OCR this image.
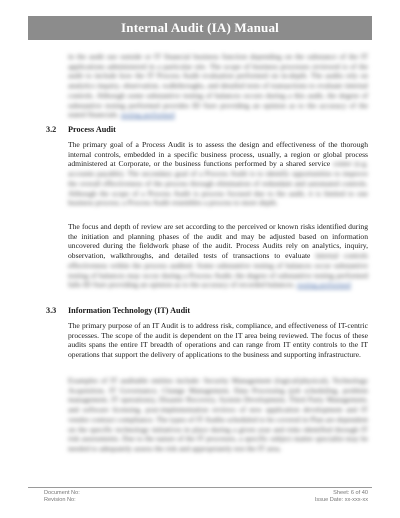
Internal Audit (IA) Manual
in the audit use outside or IT financial business function depending on the substance of the IT applications administered in a particular site. The scope of business processes reviewed is of the audit to include how the IT Process Audit evaluation performed on in-depth. The audits rely on analytics inquiry, observation, walkthroughs, and detailed tests of transactions to evaluate internal controls. Although some substantive testing of balances occurs during a this audit, the degree of substantive testing performed provides ID Sure providing an opinion as to the accuracy of the stated financials. testing performed
3.2 Process Audit
The primary goal of a Process Audit is to assess the design and effectiveness of the thorough internal controls, embedded in a specific business process, usually, a region or global process administered at Corporate, or the business functions performed by a shared service center (e.g. accounts payable). The secondary goal of a Process Audit is to identify opportunities to improve the overall effectiveness of the process through elimination of redundant and automated controls. Although the scope of a Process Audit is process focused due to the audit, it is limited to one business process; a Process Audit resembles a process to more depth.
The focus and depth of review are set according to the perceived or known risks identified during the initiation and planning phases of the audit and may be adjusted based on information uncovered during the fieldwork phase of the audit. Process Audits rely on analytics, inquiry, observation, walkthroughs, and detailed tests of transactions to evaluate internal controls effectiveness within the process audited. Some substantive testing of balances occur substantive testing of balances may occur during a Process Audit; the degree of substantive testing performed falls ID Sure providing an opinion as to the accuracy of recorded balances. testing performed
3.3 Information Technology (IT) Audit
The primary purpose of an IT Audit is to address risk, compliance, and effectiveness of IT-centric processes. The scope of the audit is dependent on the IT area being reviewed. The focus of these audits spans the entire IT breadth of operations and can range from IT entity controls to the IT operations that support the delivery of applications to the business and supporting infrastructure.
Examples of IT auditable entities include: Security Management (logical/physical), Technology Acquisition, IT Governance, Change Management, Data Processing (job scheduling, problem management, IT operations), Disaster Recovery, System Development, Third Party Management, and software licensing, post-implementation reviews of new application development and IT vendor contract compliance. The types of IT Audits scheduled to be covered in Plan are dependent on the specific technology initiatives in place during a given year and risks identified through IT risk assessments. Due to the nature of the IT processes, a specific subject matter specialist may be needed to adequately assess the risk and appropriately test the IT area.
Document No:
Revision No:
Sheet: 6 of 40
Issue Date: xx-xxx-xx
